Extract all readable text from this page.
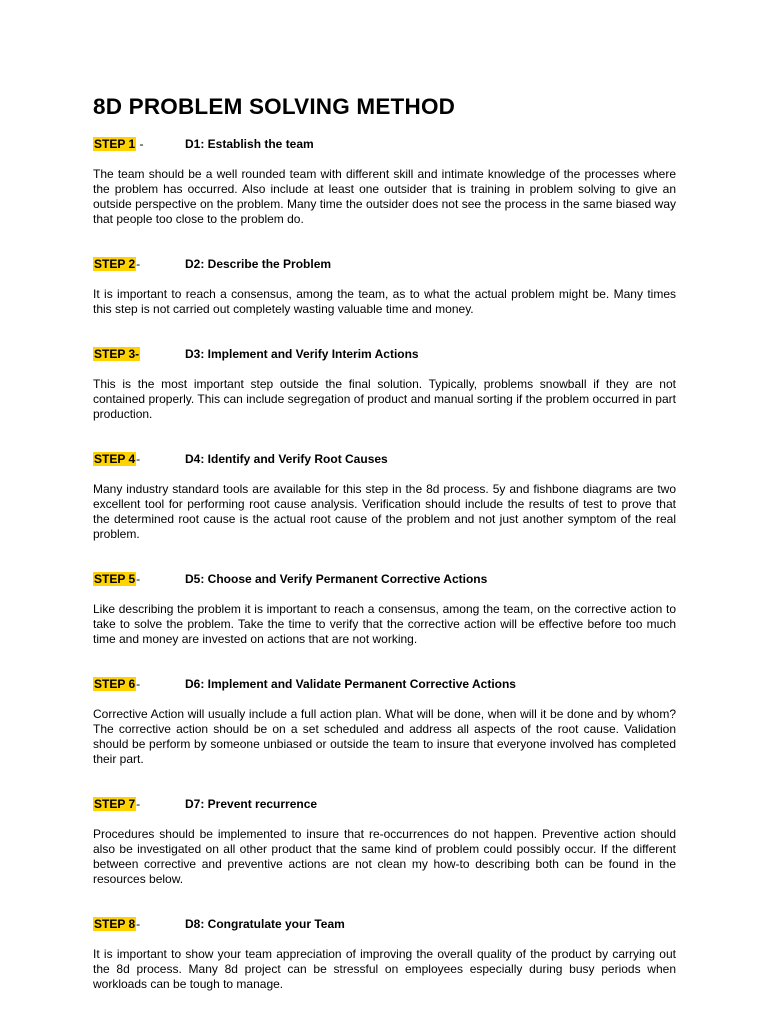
8D PROBLEM SOLVING METHOD
STEP 1 -	D1: Establish the team

The team should be a well rounded team with different skill and intimate knowledge of the processes where the problem has occurred. Also include at least one outsider that is training in problem solving to give an outside perspective on the problem. Many time the outsider does not see the process in the same biased way that people too close to the problem do.

STEP 2-	D2: Describe the Problem

It is important to reach a consensus, among the team, as to what the actual problem might be. Many times this step is not carried out completely wasting valuable time and money.

STEP 3-	D3: Implement and Verify Interim Actions

This is the most important step outside the final solution. Typically, problems snowball if they are not contained properly. This can include segregation of product and manual sorting if the problem occurred in part production.

STEP 4-	D4: Identify and Verify Root Causes

Many industry standard tools are available for this step in the 8d process. 5y and fishbone diagrams are two excellent tool for performing root cause analysis. Verification should include the results of test to prove that the determined root cause is the actual root cause of the problem and not just another symptom of the real problem.

STEP 5-	D5: Choose and Verify Permanent Corrective Actions

Like describing the problem it is important to reach a consensus, among the team, on the corrective action to take to solve the problem. Take the time to verify that the corrective action will be effective before too much time and money are invested on actions that are not working.

STEP 6-	D6: Implement and Validate Permanent Corrective Actions

Corrective Action will usually include a full action plan. What will be done, when will it be done and by whom? The corrective action should be on a set scheduled and address all aspects of the root cause. Validation should be perform by someone unbiased or outside the team to insure that everyone involved has completed their part.

STEP 7-	D7: Prevent recurrence

Procedures should be implemented to insure that re-occurrences do not happen. Preventive action should also be investigated on all other product that the same kind of problem could possibly occur. If the different between corrective and preventive actions are not clean my how-to describing both can be found in the resources below.

STEP 8-	D8: Congratulate your Team

It is important to show your team appreciation of improving the overall quality of the product by carrying out the 8d process. Many 8d project can be stressful on employees especially during busy periods when workloads can be tough to manage.
